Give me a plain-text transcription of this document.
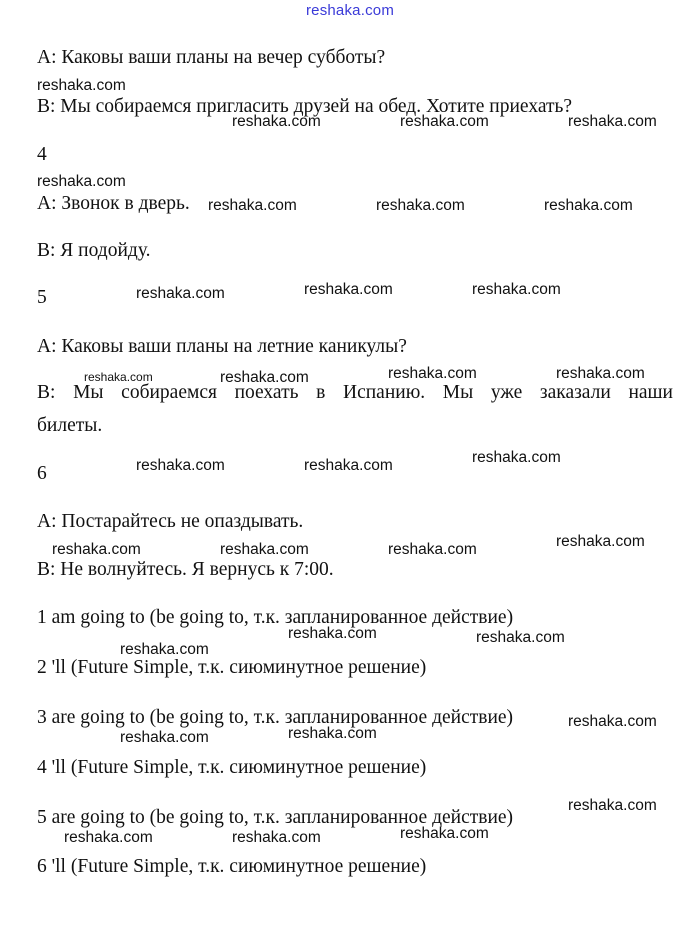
reshaka.com
A: Каковы ваши планы на вечер субботы?
B: Мы собираемся пригласить друзей на обед. Хотите приехать?
4
A: Звонок в дверь.
B: Я подойду.
5
A: Каковы ваши планы на летние каникулы?
B: Мы собираемся поехать в Испанию. Мы уже заказали наши
билеты.
6
A: Постарайтесь не опаздывать.
B: Не волнуйтесь. Я вернусь к 7:00.
1 am going to (be going to, т.к. запланированное действие)
2 'll (Future Simple, т.к. сиюминутное решение)
3 are going to (be going to, т.к. запланированное действие)
4 'll (Future Simple, т.к. сиюминутное решение)
5 are going to (be going to, т.к. запланированное действие)
6 'll (Future Simple, т.к. сиюминутное решение)
reshaka.com
reshaka.com	reshaka.com	reshaka.com
reshaka.com
reshaka.com	reshaka.com	reshaka.com
reshaka.com	reshaka.com	reshaka.com
reshaka.com	reshaka.com	reshaka.com	reshaka.com
reshaka.com	reshaka.com	reshaka.com
reshaka.com	reshaka.com	reshaka.com	reshaka.com
reshaka.com	reshaka.com
reshaka.com
reshaka.com
reshaka.com
reshaka.com
reshaka.com
reshaka.com
reshaka.com	reshaka.com
